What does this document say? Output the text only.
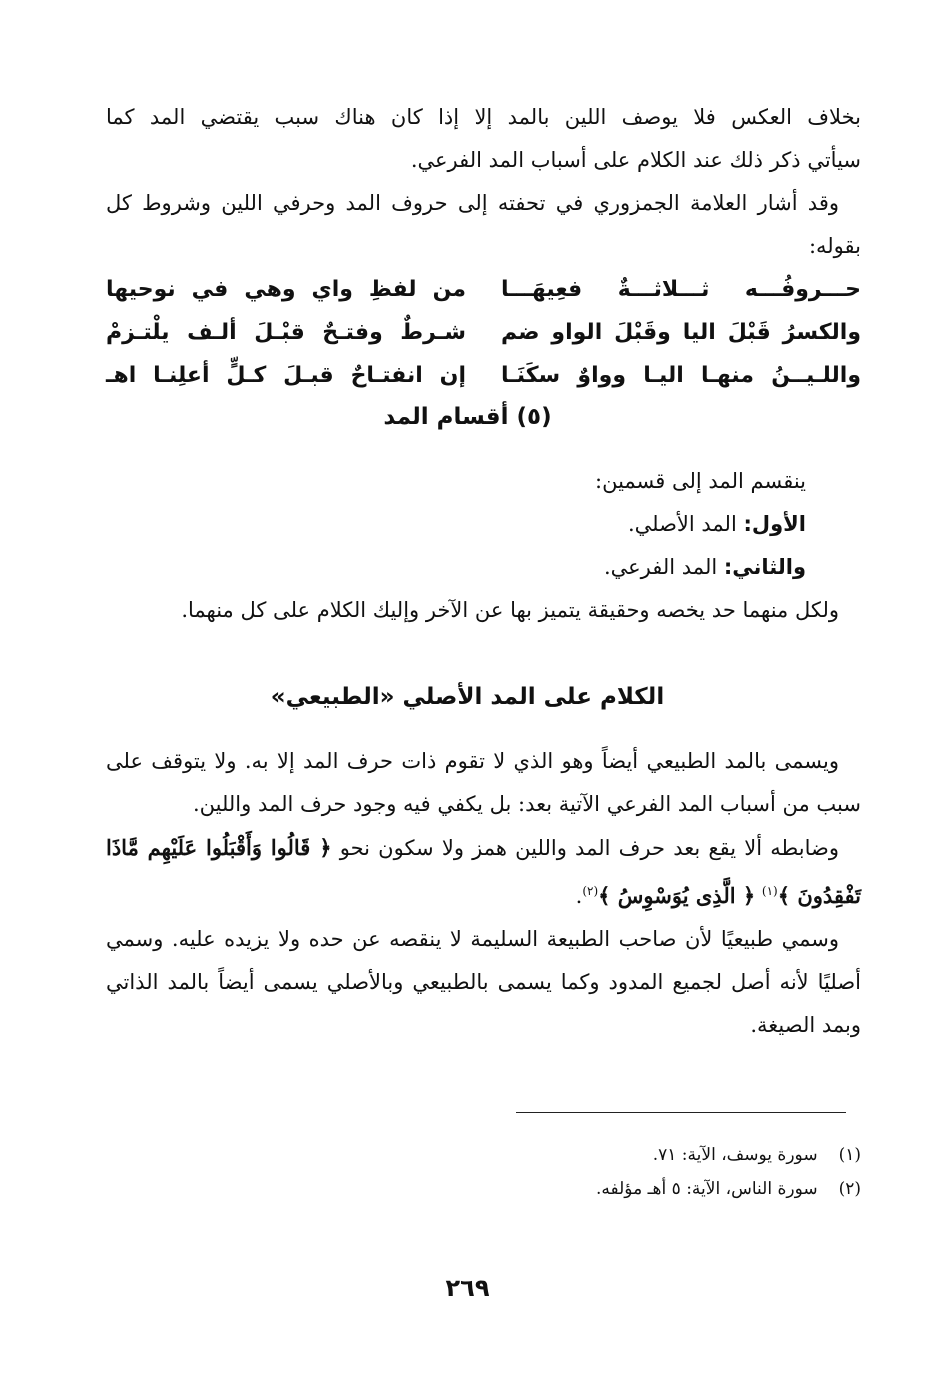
بخلاف العكس فلا يوصف اللين بالمد إلا إذا كان هناك سبب يقتضي المد كما

سيأتي ذكر ذلك عند الكلام على أسباب المد الفرعي.

وقد أشار العلامة الجمزوري في تحفته إلى حروف المد وحرفي اللين وشروط كل بقوله:

حـــروفُـــه ثـــلاثـــةٌ فعِيهَـــا
من لفظِ واي وهي في نوحيها
والكسرُ قَبْلَ اليا وقَبْلَ الواو ضم
شـرطٌ وفتـحٌ قبْـلَ ألـف يلْتـزمْ
واللـيــنُ منهـا اليـا وواوٌ سكَنَـا
إن انفتـاحٌ قبـلَ كـلٍّ أعلِنـا اهـ
(٥) أقسام المد
ينقسم المد إلى قسمين:
الأول: المد الأصلي.
والثاني: المد الفرعي.

ولكل منهما حد يخصه وحقيقة يتميز بها عن الآخر وإليك الكلام على كل منهما.

الكلام على المد الأصلي «الطبيعي»

ويسمى بالمد الطبيعي أيضاً وهو الذي لا تقوم ذات حرف المد إلا به. ولا يتوقف على سبب من أسباب المد الفرعي الآتية بعد: بل يكفي فيه وجود حرف المد واللين.

وضابطه ألا يقع بعد حرف المد واللين همز ولا سكون نحو ﴿ قَالُوا وَأَقْبَلُوا عَلَيْهِم مَّاذَا تَفْقِدُونَ ﴾$^{(١)}$ ﴿ الَّذِى يُوَسْوِسُ ﴾$^{(٢)}$.

وسمي طبيعيًا لأن صاحب الطبيعة السليمة لا ينقصه عن حده ولا يزيده عليه. وسمي أصليًا لأنه أصل لجميع المدود وكما يسمى بالطبيعي وبالأصلي يسمى أيضاً بالمد الذاتي وبمد الصيغة.

(١) سورة يوسف، الآية: ٧١.
(٢) سورة الناس، الآية: ٥ أهـ مؤلفه.
٢٦٩
